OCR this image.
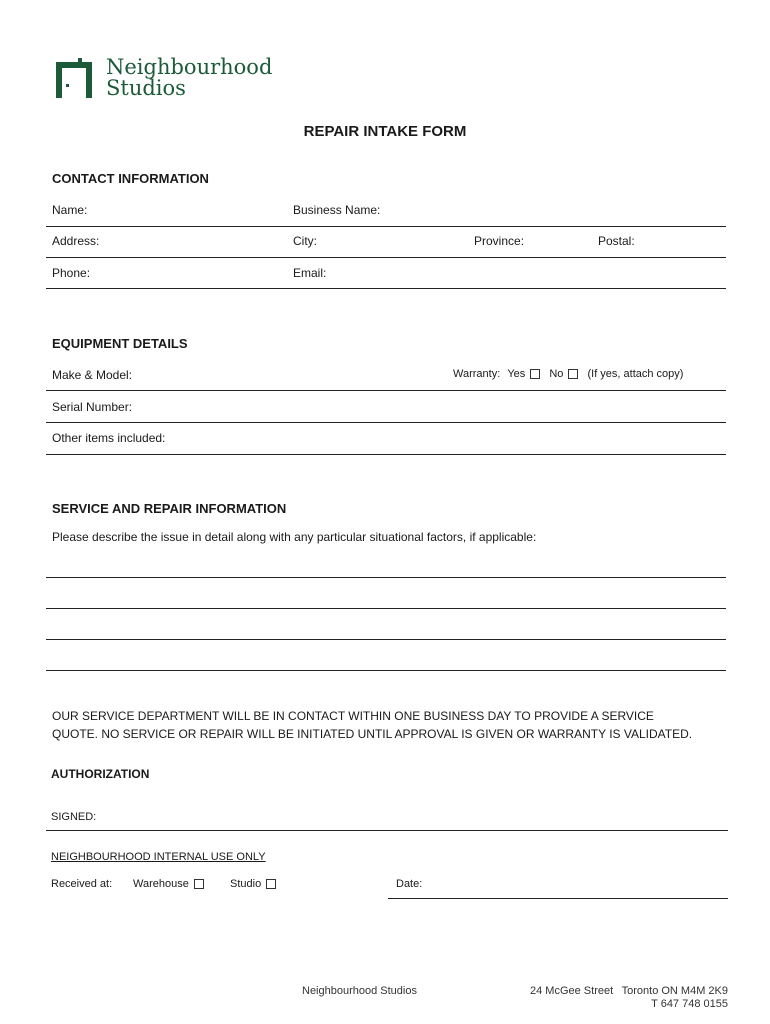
Neighbourhood
Studios
REPAIR INTAKE FORM
CONTACT INFORMATION
Name:	Business Name:
Address:	City:	Province:	Postal:
Phone:	Email:
EQUIPMENT DETAILS
Make & Model:	Warranty: Yes No (If yes, attach copy)
Serial Number:
Other items included:
SERVICE AND REPAIR INFORMATION
Please describe the issue in detail along with any particular situational factors, if applicable:
OUR SERVICE DEPARTMENT WILL BE IN CONTACT WITHIN ONE BUSINESS DAY TO PROVIDE A SERVICE
QUOTE. NO SERVICE OR REPAIR WILL BE INITIATED UNTIL APPROVAL IS GIVEN OR WARRANTY IS VALIDATED.
AUTHORIZATION
SIGNED:
NEIGHBOURHOOD INTERNAL USE ONLY
Received at: Warehouse	Studio	Date:
Neighbourhood Studios	24 McGee Street Toronto ON M4M 2K9
T 647 748 0155
